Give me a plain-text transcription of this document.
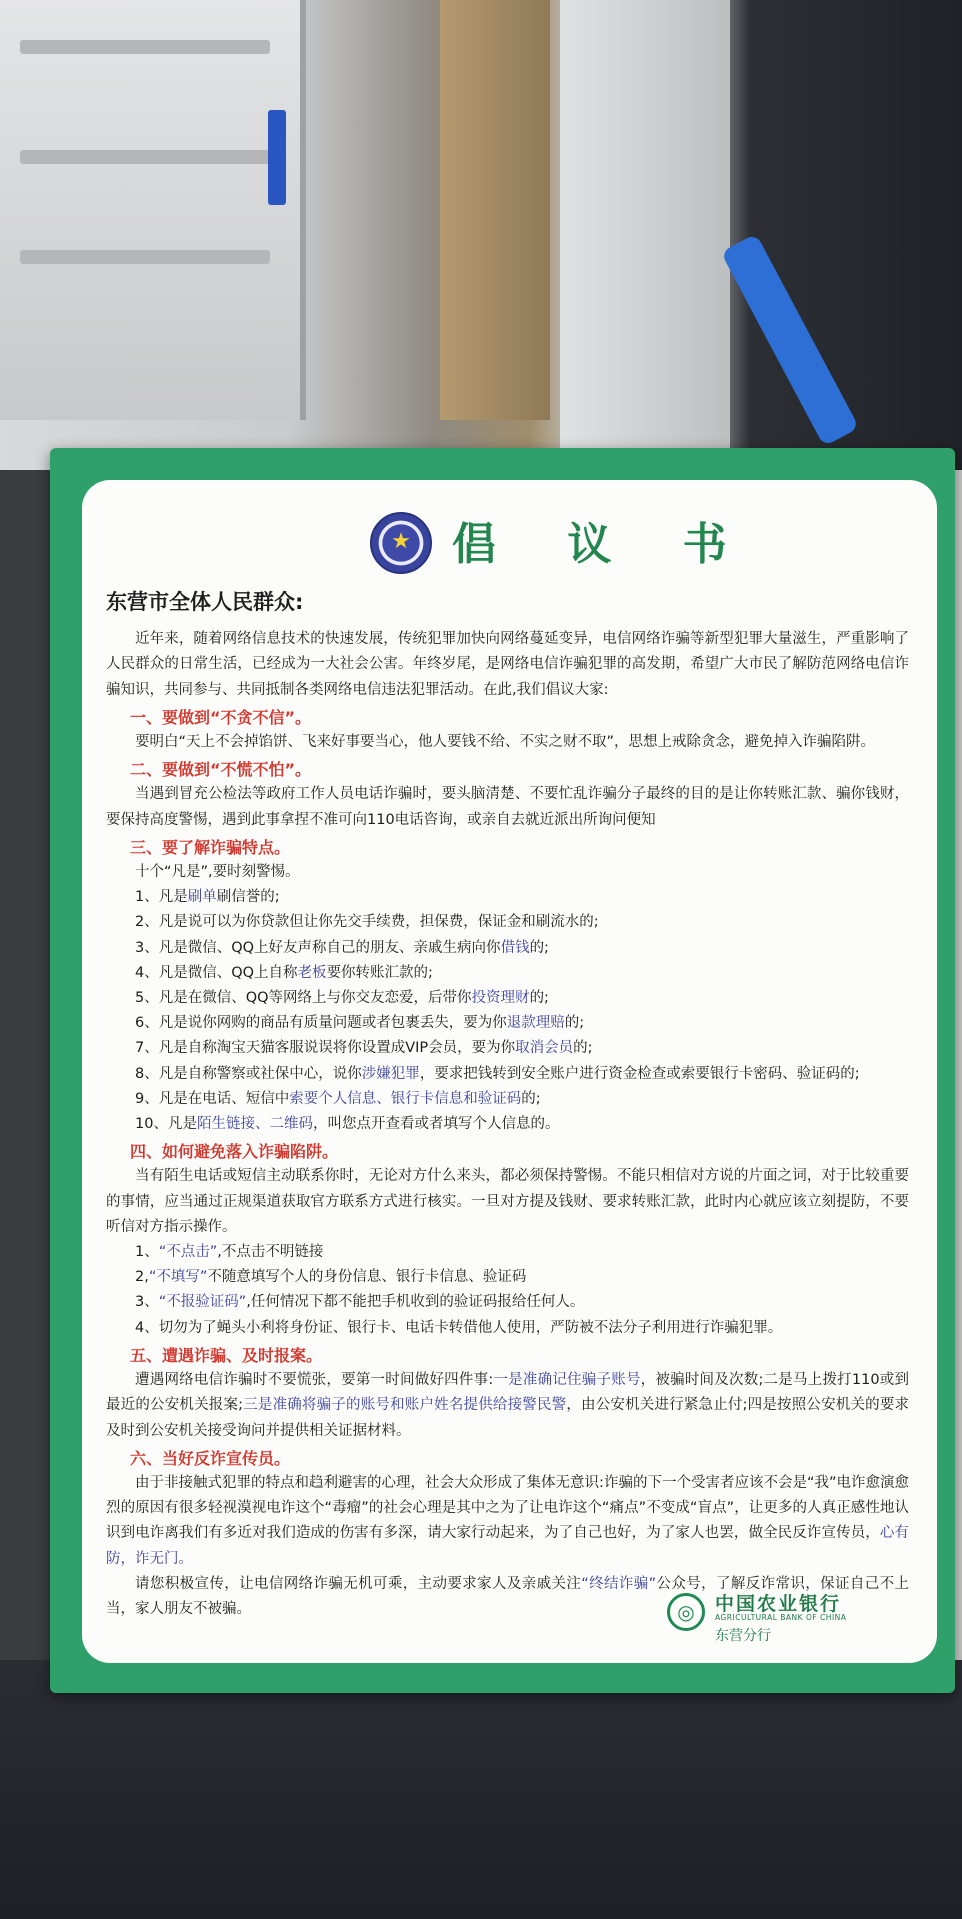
★ 倡 议 书
东营市全体人民群众:

近年来，随着网络信息技术的快速发展，传统犯罪加快向网络蔓延变异，电信网络诈骗等新型犯罪大量滋生，严重影响了人民群众的日常生活，已经成为一大社会公害。年终岁尾，是网络电信诈骗犯罪的高发期，希望广大市民了解防范网络电信诈骗知识，共同参与、共同抵制各类网络电信违法犯罪活动。在此,我们倡议大家:

一、要做到“不贪不信”。

要明白“天上不会掉馅饼、飞来好事要当心，他人要钱不给、不实之财不取”，思想上戒除贪念，避免掉入诈骗陷阱。

二、要做到“不慌不怕”。

当遇到冒充公检法等政府工作人员电话诈骗时，要头脑清楚、不要忙乱诈骗分子最终的目的是让你转账汇款、骗你钱财，要保持高度警惕，遇到此事拿捏不准可向110电话咨询，或亲自去就近派出所询问便知

三、要了解诈骗特点。

十个“凡是”,要时刻警惕。

1、凡是刷单刷信誉的;

2、凡是说可以为你贷款但让你先交手续费，担保费，保证金和刷流水的;

3、凡是微信、QQ上好友声称自己的朋友、亲戚生病向你借钱的;

4、凡是微信、QQ上自称老板要你转账汇款的;

5、凡是在微信、QQ等网络上与你交友恋爱，后带你投资理财的;

6、凡是说你网购的商品有质量问题或者包裹丢失，要为你退款理赔的;

7、凡是自称淘宝天猫客服说误将你设置成VIP会员，要为你取消会员的;

8、凡是自称警察或社保中心，说你涉嫌犯罪，要求把钱转到安全账户进行资金检查或索要银行卡密码、验证码的;

9、凡是在电话、短信中索要个人信息、银行卡信息和验证码的;

10、凡是陌生链接、二维码，叫您点开查看或者填写个人信息的。

四、如何避免落入诈骗陷阱。

当有陌生电话或短信主动联系你时，无论对方什么来头，都必须保持警惕。不能只相信对方说的片面之词，对于比较重要的事情，应当通过正规渠道获取官方联系方式进行核实。一旦对方提及钱财、要求转账汇款，此时内心就应该立刻提防，不要听信对方指示操作。

1、“不点击”,不点击不明链接

2,“不填写”不随意填写个人的身份信息、银行卡信息、验证码

3、“不报验证码”,任何情况下都不能把手机收到的验证码报给任何人。

4、切勿为了蝇头小利将身份证、银行卡、电话卡转借他人使用，严防被不法分子利用进行诈骗犯罪。

五、遭遇诈骗、及时报案。

遭遇网络电信诈骗时不要慌张，要第一时间做好四件事:一是准确记住骗子账号，被骗时间及次数;二是马上拨打110或到最近的公安机关报案;三是准确将骗子的账号和账户姓名提供给接警民警，由公安机关进行紧急止付;四是按照公安机关的要求及时到公安机关接受询问并提供相关证据材料。

六、当好反诈宣传员。

由于非接触式犯罪的特点和趋利避害的心理，社会大众形成了集体无意识:诈骗的下一个受害者应该不会是“我”电诈愈演愈烈的原因有很多轻视漠视电诈这个“毒瘤”的社会心理是其中之为了让电诈这个“痛点”不变成“盲点”，让更多的人真正感性地认识到电诈离我们有多近对我们造成的伤害有多深，请大家行动起来，为了自己也好，为了家人也罢，做全民反诈宣传员，心有防，诈无门。

请您积极宣传，让电信网络诈骗无机可乘，主动要求家人及亲戚关注“终结诈骗”公众号，了解反诈常识，保证自己不上当，家人朋友不被骗。	◎	中国农业银行
AGRICULTURAL BANK OF CHINA
东营分行
